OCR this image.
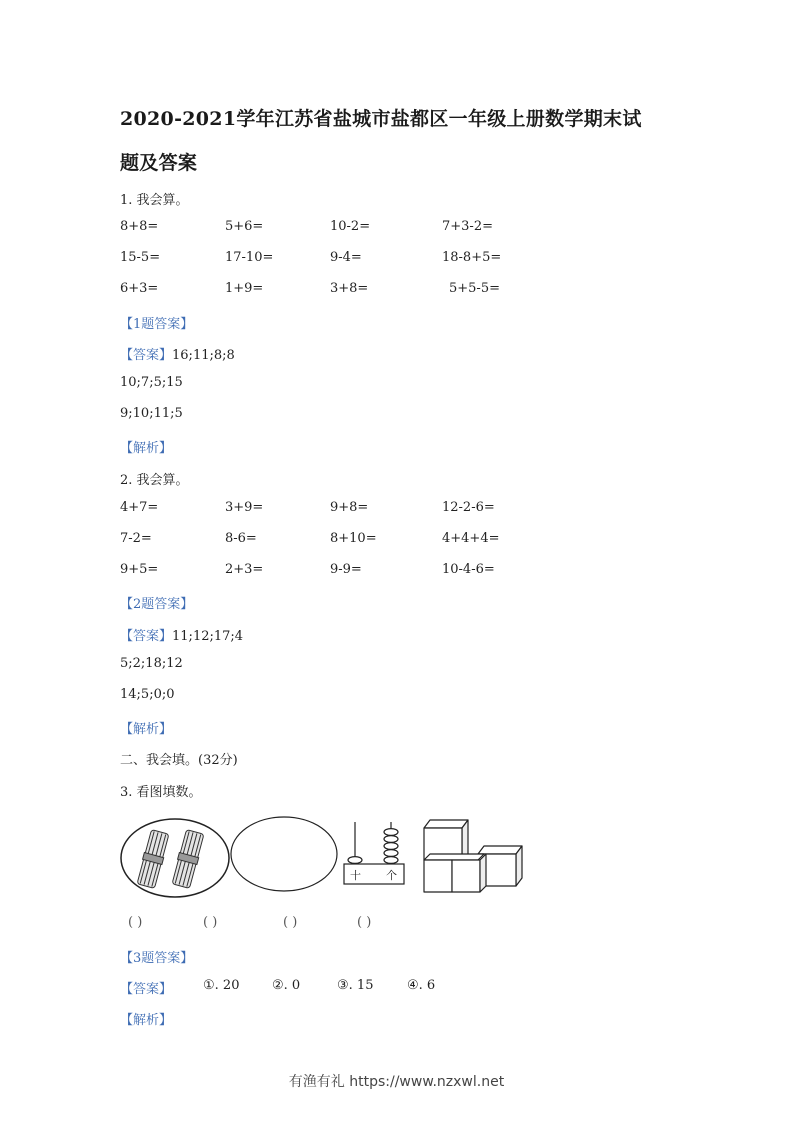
2020-2021学年江苏省盐城市盐都区一年级上册数学期末试
题及答案
1. 我会算。
8+8=	5+6=	10-2=	7+3-2=
15-5=	17-10=	9-4=	18-8+5=
6+3=	1+9=	3+8=	5+5-5=
【1题答案】
【答案】16;11;8;8
10;7;5;15
9;10;11;5
【解析】
2. 我会算。
4+7=	3+9=	9+8=	12-2-6=
7-2=	8-6=	8+10=	4+4+4=
9+5=	2+3=	9-9=	10-4-6=
【2题答案】
【答案】11;12;17;4
5;2;18;12
14;5;0;0
【解析】
二、我会填。(32分)
3. 看图填数。
十 个
( )	( )	( )	( )
【3题答案】
【答案】 ①. 20	②. 0	③. 15	④. 6
【解析】
有渔有礼 https://www.nzxwl.net
